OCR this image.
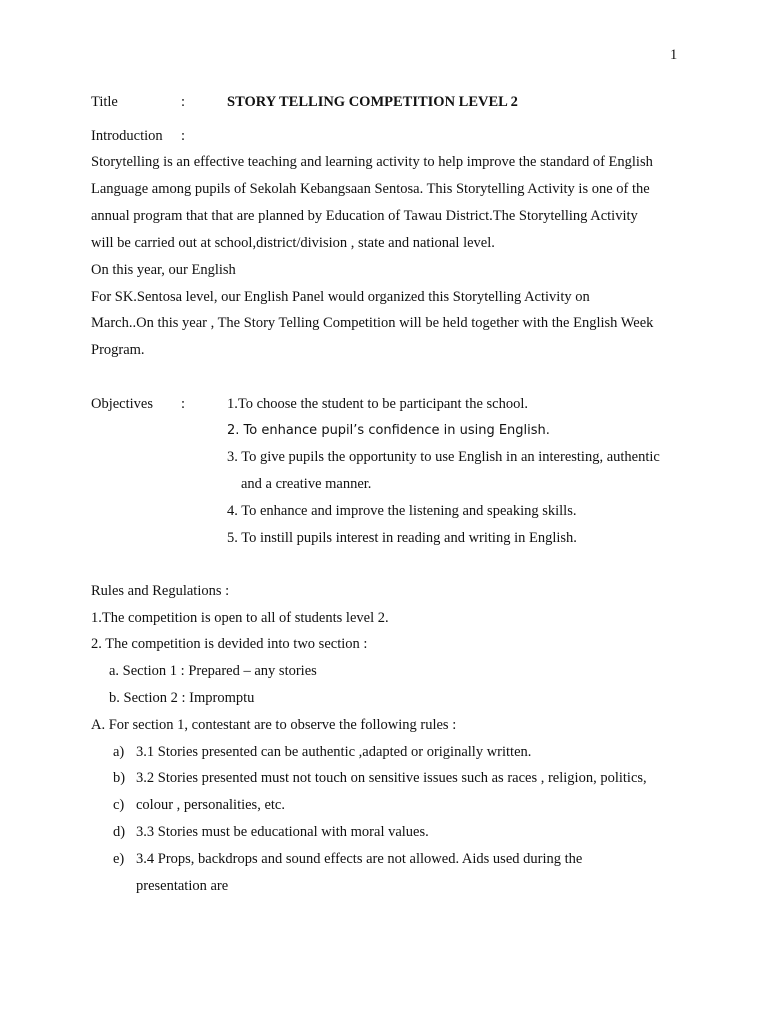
1
Title	:	STORY TELLING COMPETITION LEVEL 2
Introduction :
Storytelling is an effective teaching and learning activity to help improve the standard of English
Language among pupils of Sekolah Kebangsaan Sentosa. This Storytelling Activity is one of the
annual program that that are planned by Education of Tawau District.The Storytelling Activity
will be carried out at school,district/division , state and national level.
On this year, our English
For SK.Sentosa level, our English Panel would organized this Storytelling Activity on
March..On this year , The Story Telling Competition will be held together with the English Week
Program.
Objectives :	1.To choose the student to be participant the school.
2. To enhance pupil’s confidence in using English.
3. To give pupils the opportunity to use English in an interesting, authentic
and a creative manner.
4. To enhance and improve the listening and speaking skills.
5. To instill pupils interest in reading and writing in English.
Rules and Regulations :
1.The competition is open to all of students level 2.
2. The competition is devided into two section :
a. Section 1 : Prepared – any stories
b. Section 2 : Impromptu
A. For section 1, contestant are to observe the following rules :
a) 3.1 Stories presented can be authentic ,adapted or originally written.
b) 3.2 Stories presented must not touch on sensitive issues such as races , religion, politics,
c) colour , personalities, etc.
d) 3.3 Stories must be educational with moral values.
e) 3.4 Props, backdrops and sound effects are not allowed. Aids used during the
presentation are
